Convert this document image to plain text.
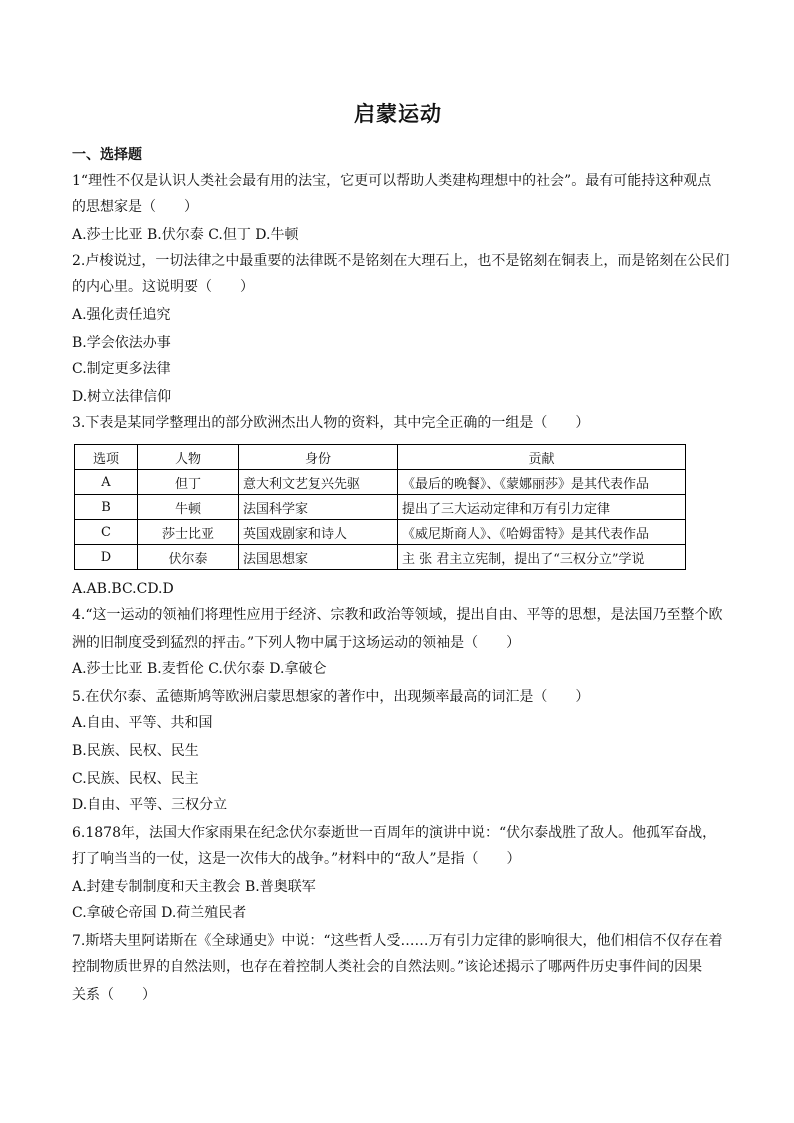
启蒙运动
一、选择题
1“理性不仅是认识人类社会最有用的法宝，它更可以帮助人类建构理想中的社会”。最有可能持这种观点
的思想家是（　　）
A.莎士比亚 B.伏尔泰 C.但丁 D.牛顿
2.卢梭说过，一切法律之中最重要的法律既不是铭刻在大理石上，也不是铭刻在铜表上，而是铭刻在公民们
的内心里。这说明要（　　）
A.强化责任追究
B.学会依法办事
C.制定更多法律
D.树立法律信仰
3.下表是某同学整理出的部分欧洲杰出人物的资料，其中完全正确的一组是（　　）
选项	人物	身份	贡献
A	但丁	意大利文艺复兴先驱	《最后的晚餐》、《蒙娜丽莎》是其代表作品
B	牛顿	法国科学家	提出了三大运动定律和万有引力定律
C	莎士比亚	英国戏剧家和诗人	《威尼斯商人》、《哈姆雷特》是其代表作品
D	伏尔泰	法国思想家	主 张 君主立宪制，提出了“三权分立”学说
A.AB.BC.CD.D
4.“这一运动的领袖们将理性应用于经济、宗教和政治等领域，提出自由、平等的思想，是法国乃至整个欧
洲的旧制度受到猛烈的抨击。”下列人物中属于这场运动的领袖是（　　）
A.莎士比亚 B.麦哲伦 C.伏尔泰 D.拿破仑
5.在伏尔泰、孟德斯鸠等欧洲启蒙思想家的著作中，出现频率最高的词汇是（　　）
A.自由、平等、共和国
B.民族、民权、民生
C.民族、民权、民主
D.自由、平等、三权分立
6.1878年，法国大作家雨果在纪念伏尔泰逝世一百周年的演讲中说：“伏尔泰战胜了敌人。他孤军奋战，
打了响当当的一仗，这是一次伟大的战争。”材料中的“敌人”是指（　　）
A.封建专制制度和天主教会 B.普奥联军
C.拿破仑帝国 D.荷兰殖民者
7.斯塔夫里阿诺斯在《全球通史》中说：“这些哲人受……万有引力定律的影响很大，他们相信不仅存在着
控制物质世界的自然法则，也存在着控制人类社会的自然法则。”该论述揭示了哪两件历史事件间的因果
关系（　　）
